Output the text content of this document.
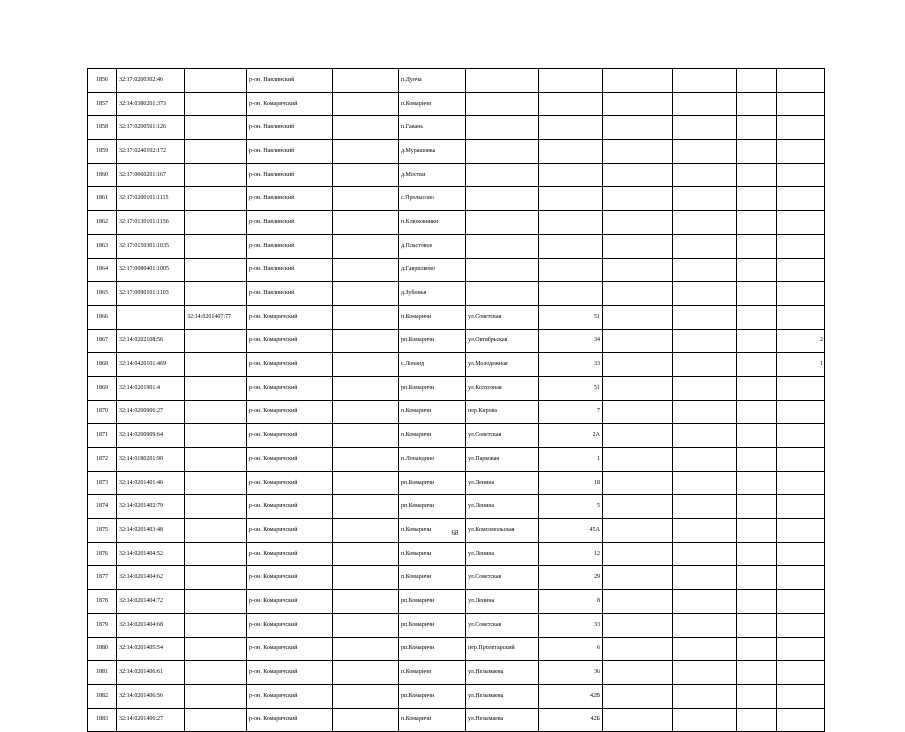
1856	32:17:0200302:46		р-он. Навлинский		п.Дунча						
1857	32:14:0380201:373		р-он. Комаричский		п.Комаричи						
1858	32:17:0200501:126		р-он. Навлинский		п.Гавань						
1859	32:17:0240102:172		р-он. Навлинский		д.Мурашовка						
1860	32:17:0060201:167		р-он. Навлинский		д.Мостки						
1861	32:17:0200101:1115		р-он. Навлинский		с.Пролысово						
1862	32:17:0130101:1156		р-он. Навлинский		п.Клюковники						
1863	32:17:0150301:1035		р-он. Навлинский		д.Пластовое						
1864	32:17:0080401:1005		р-он. Навлинский		д.Гаврилково						
1865	32:17:0090101:1103		р-он. Навлинский		д.Зубонья						
1866		32:14:0201407:77	р-он. Комаричский		п.Комаричи	ул.Советская	51				
1867	32:14:0202108:56		р-он. Комаричский		рп.Комаричи	ул.Октябрьская	34				2
1868	32:14:0420101:469		р-он. Комаричский		с.Лопанд	ул.Молодежная	33				1
1869	32:14:0201901:4		р-он. Комаричский		рп.Комаричи	ул.Колхозная	51				
1870	32:14:0200906:27		р-он. Комаричский		п.Комаричи	пер.Кирова	7				
1871	32:14:0200909:64		р-он. Комаричский		п.Комаричи	ул.Советская	2А				
1872	32:14:0180201:90		р-он. Комаричский		п.Лопандино	ул.Парковая	1				
1873	32:14:0201401:46		р-он. Комаричский		рп.Комаричи	ул.Ленина	18				
1874	32:14:0201402:79		р-он. Комаричский		рп.Комаричи	ул.Ленина	5				
1875	32:14:0201403:48		р-он. Комаричский		п.Комаричи	ул.Комсомольская	45А				
1876	32:14:0201404:52		р-он. Комаричский		п.Комаричи	ул.Ленина	12				
1877	32:14:0201404:62		р-он. Комаричский		п.Комаричи	ул.Советская	29				
1878	32:14:0201404:72		р-он. Комаричский		рп.Комаричи	ул.Ленина	8				
1879	32:14:0201404:68		р-он. Комаричский		рп.Комаричи	ул.Советская	33				
1880	32:14:0201405:54		р-он. Комаричский		рп.Комаричи	пер.Пролетарский	6				
1881	32:14:0201406:61		р-он. Комаричский		п.Комаричи	ул.Незымаева	36				
1882	32:14:0201406:56		р-он. Комаричский		рп.Комаричи	ул.Незымаева	42В				
1883	32:14:0201406:27		р-он. Комаричский		п.Комаричи	ул.Незымаева	42Б				
68
